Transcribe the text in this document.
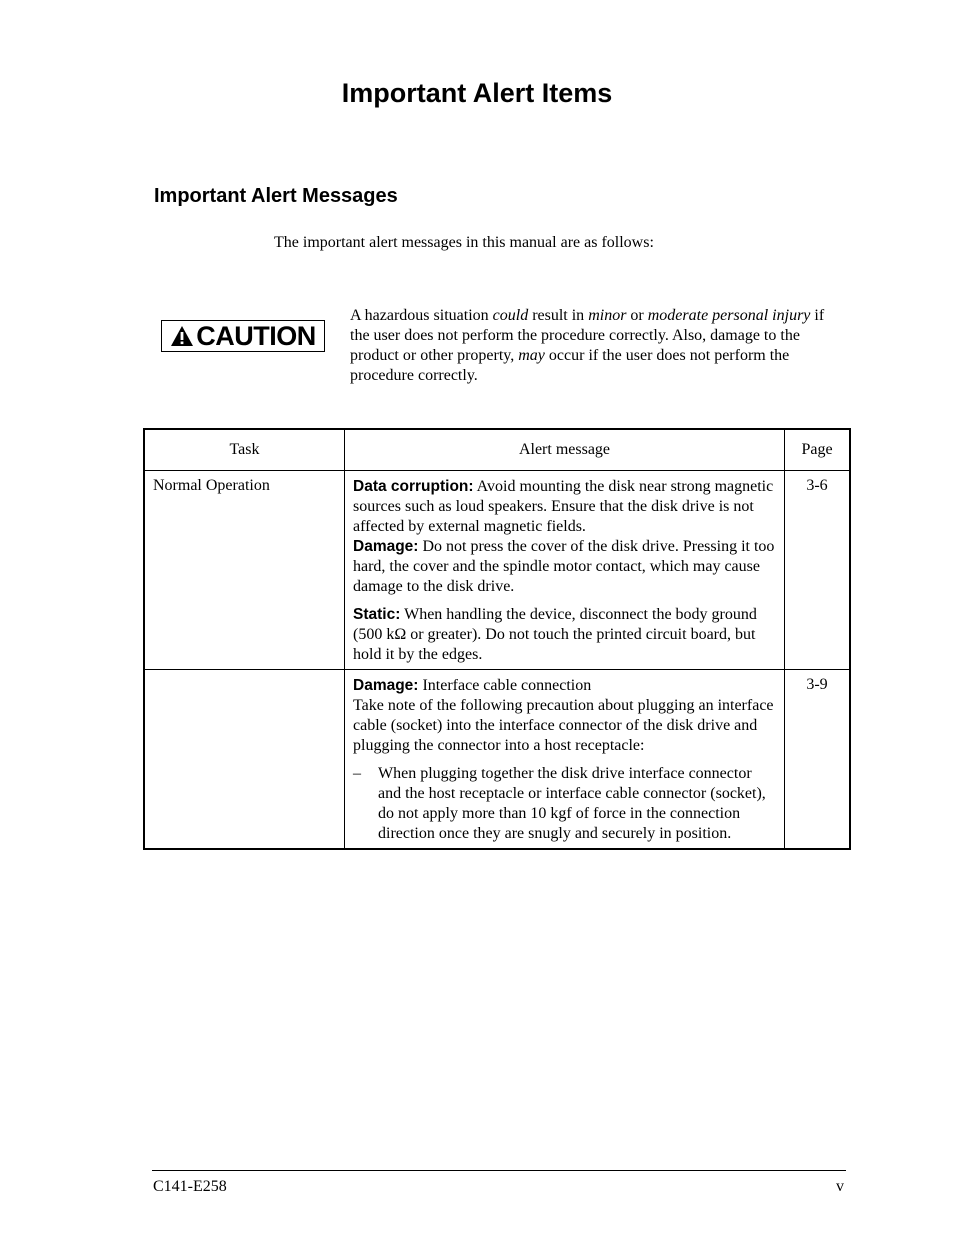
Important Alert Items
Important Alert Messages

The important alert messages in this manual are as follows:

CAUTION

A hazardous situation could result in minor or moderate personal injury if the user does not perform the procedure correctly. Also, damage to the product or other property, may occur if the user does not perform the procedure correctly.

Task	Alert message	Page
Normal Operation	Data corruption: Avoid mounting the disk near strong magnetic sources such as loud speakers. Ensure that the disk drive is not affected by external magnetic fields.
Damage: Do not press the cover of the disk drive. Pressing it too hard, the cover and the spindle motor contact, which may cause damage to the disk drive.

Static: When handling the device, disconnect the body ground (500 kΩ or greater). Do not touch the printed circuit board, but hold it by the edges.	3-6

	Damage: Interface cable connection
Take note of the following precaution about plugging an interface cable (socket) into the interface connector of the disk drive and plugging the connector into a host receptacle:

– When plugging together the disk drive interface connector and the host receptacle or interface cable connector (socket), do not apply more than 10 kgf of force in the connection direction once they are snugly and securely in position.	3-9
C141-E258	v
